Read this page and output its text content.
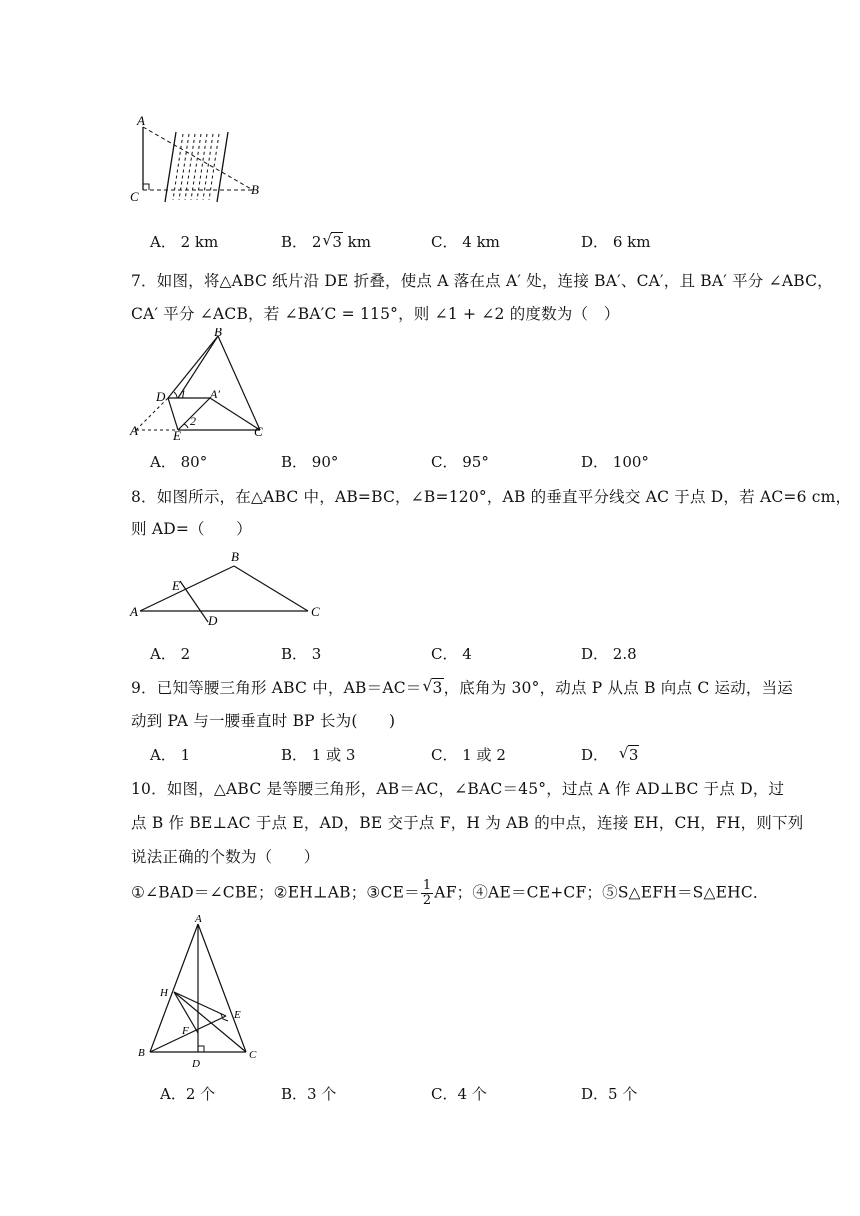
A
C	B
A． 2 km	B． 2 √ 3 km	C． 4 km	D． 6 km
7．如图，将△ABC 纸片沿 DE 折叠，使点 A 落在点 A′ 处，连接 BA′、CA′，且 BA′ 平分 ∠ABC，
CA′ 平分 ∠ACB，若 ∠BA′C = 115°，则 ∠1 + ∠2 的度数为（　）
B
D 1 A′
2
A	E	C
A． 80°	B． 90°	C． 95°	D． 100°
8．如图所示，在△ABC 中，AB=BC，∠B=120°，AB 的垂直平分线交 AC 于点 D，若 AC=6 cm，
则 AD=（　　）
B
E
A
D
C
A． 2	B． 3	C． 4	D． 2.8
9．已知等腰三角形 ABC 中，AB＝AC＝ √ 3，底角为 30°，动点 P 从点 B 向点 C 运动，当运
动到 PA 与一腰垂直时 BP 长为(　　)
A． 1	B． 1 或 3	C． 1 或 2	D． √ 3
10．如图，△ABC 是等腰三角形，AB＝AC，∠BAC＝45°，过点 A 作 AD⊥BC 于点 D，过
点 B 作 BE⊥AC 于点 E，AD，BE 交于点 F，H 为 AB 的中点，连接 EH，CH，FH，则下列
说法正确的个数为（　　）
①∠BAD＝∠CBE；②EH⊥AB；③CE＝ $\frac{1}{2}$ AF；④AE＝CE+CF；⑤S△EFH＝S△EHC．
A
H
E
F
B	C
D
A．2 个	B．3 个	C．4 个	D．5 个
